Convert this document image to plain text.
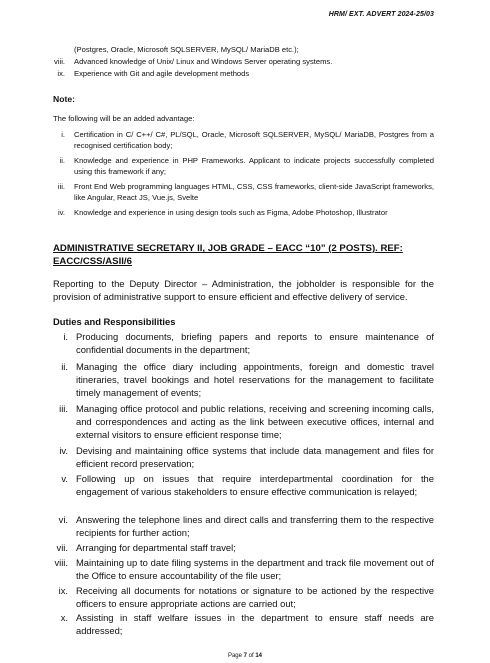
HRM/ EXT. ADVERT 2024-25/03
(Postgres, Oracle, Microsoft SQLSERVER, MySQL/ MariaDB etc.);
viii.	Advanced knowledge of Unix/ Linux and Windows Server operating systems.
ix.	Experience with Git and agile development methods
Note:
The following will be an added advantage:
i.	Certification in C/ C++/ C#, PL/SQL, Oracle, Microsoft SQLSERVER, MySQL/ MariaDB, Postgres from a recognised certification body;
ii.	Knowledge and experience in PHP Frameworks. Applicant to indicate projects successfully completed using this framework if any;
iii.	Front End Web programming languages HTML, CSS, CSS frameworks, client-side JavaScript frameworks, like Angular, React JS, Vue.js, Svelte
iv.	Knowledge and experience in using design tools such as Figma, Adobe Photoshop, Illustrator
ADMINISTRATIVE SECRETARY II, JOB GRADE – EACC “10” (2 POSTS). REF:
EACC/CSS/ASII/6
Reporting to the Deputy Director – Administration, the jobholder is responsible for the provision of administrative support to ensure efficient and effective delivery of service.
Duties and Responsibilities
i. Producing documents, briefing papers and reports to ensure maintenance of confidential documents in the department;
ii. Managing the office diary including appointments, foreign and domestic travel itineraries, travel bookings and hotel reservations for the management to facilitate timely management of events;
iii. Managing office protocol and public relations, receiving and screening incoming calls, and correspondences and acting as the link between executive offices, internal and external visitors to ensure efficient response time;
iv. Devising and maintaining office systems that include data management and files for efficient record preservation;
v. Following up on issues that require interdepartmental coordination for the engagement of various stakeholders to ensure effective communication is relayed;
vi. Answering the telephone lines and direct calls and transferring them to the respective recipients for further action;
vii. Arranging for departmental staff travel;
viii. Maintaining up to date filing systems in the department and track file movement out of the Office to ensure accountability of the file user;
ix. Receiving all documents for notations or signature to be actioned by the respective officers to ensure appropriate actions are carried out;
x. Assisting in staff welfare issues in the department to ensure staff needs are addressed;
Page 7 of 14
